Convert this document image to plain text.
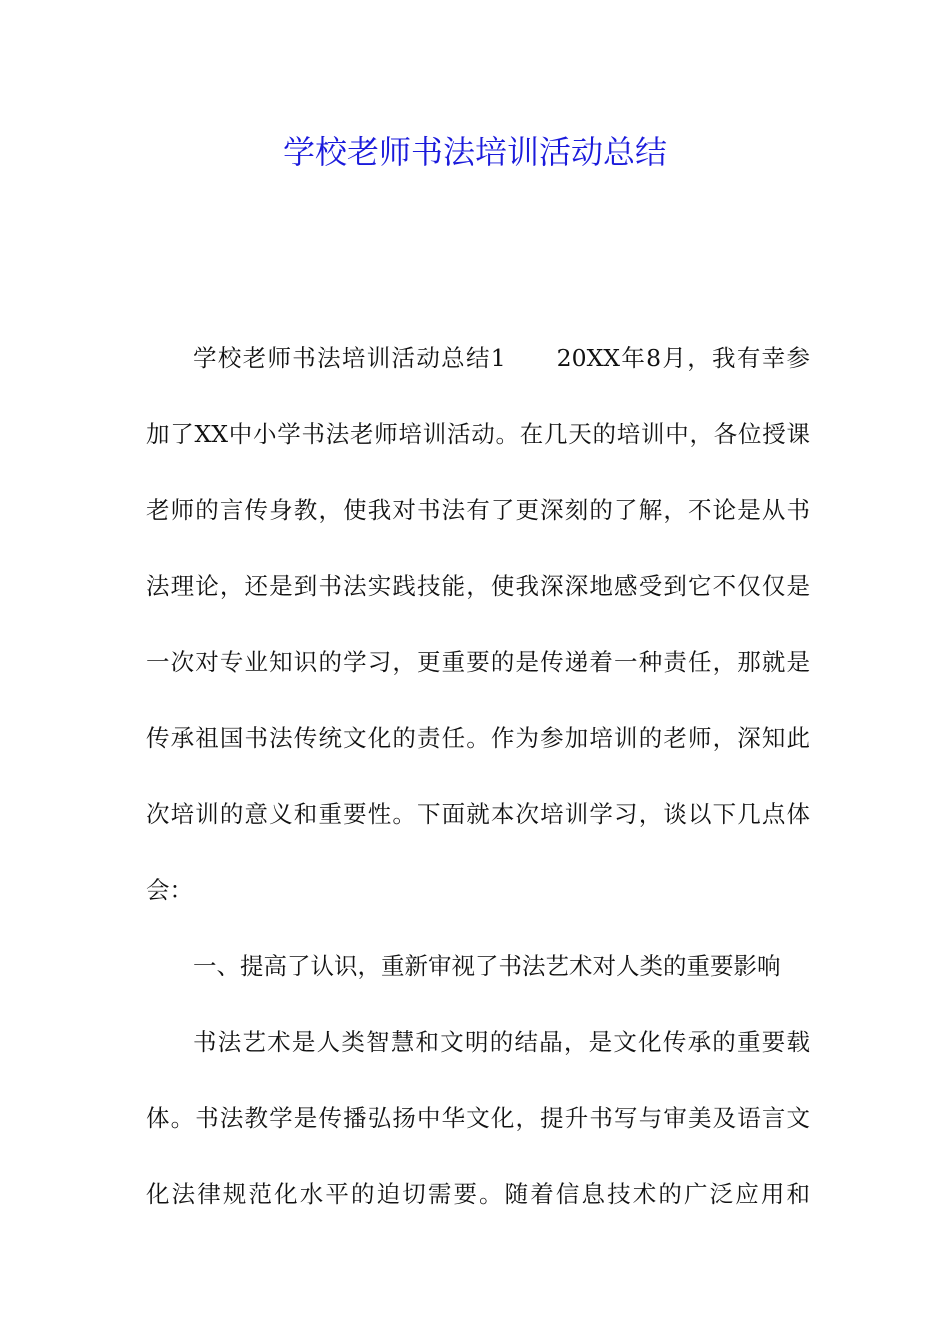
学校老师书法培训活动总结
学校老师书法培训活动总结1　　20XX年8月，我有幸参
加了XX中小学书法老师培训活动。在几天的培训中，各位授课
老师的言传身教，使我对书法有了更深刻的了解，不论是从书
法理论，还是到书法实践技能，使我深深地感受到它不仅仅是
一次对专业知识的学习，更重要的是传递着一种责任，那就是
传承祖国书法传统文化的责任。作为参加培训的老师，深知此
次培训的意义和重要性。下面就本次培训学习，谈以下几点体
会：
一、提高了认识，重新审视了书法艺术对人类的重要影响
书法艺术是人类智慧和文明的结晶，是文化传承的重要载
体。书法教学是传播弘扬中华文化，提升书写与审美及语言文
化法律规范化水平的迫切需要。随着信息技术的广泛应用和
